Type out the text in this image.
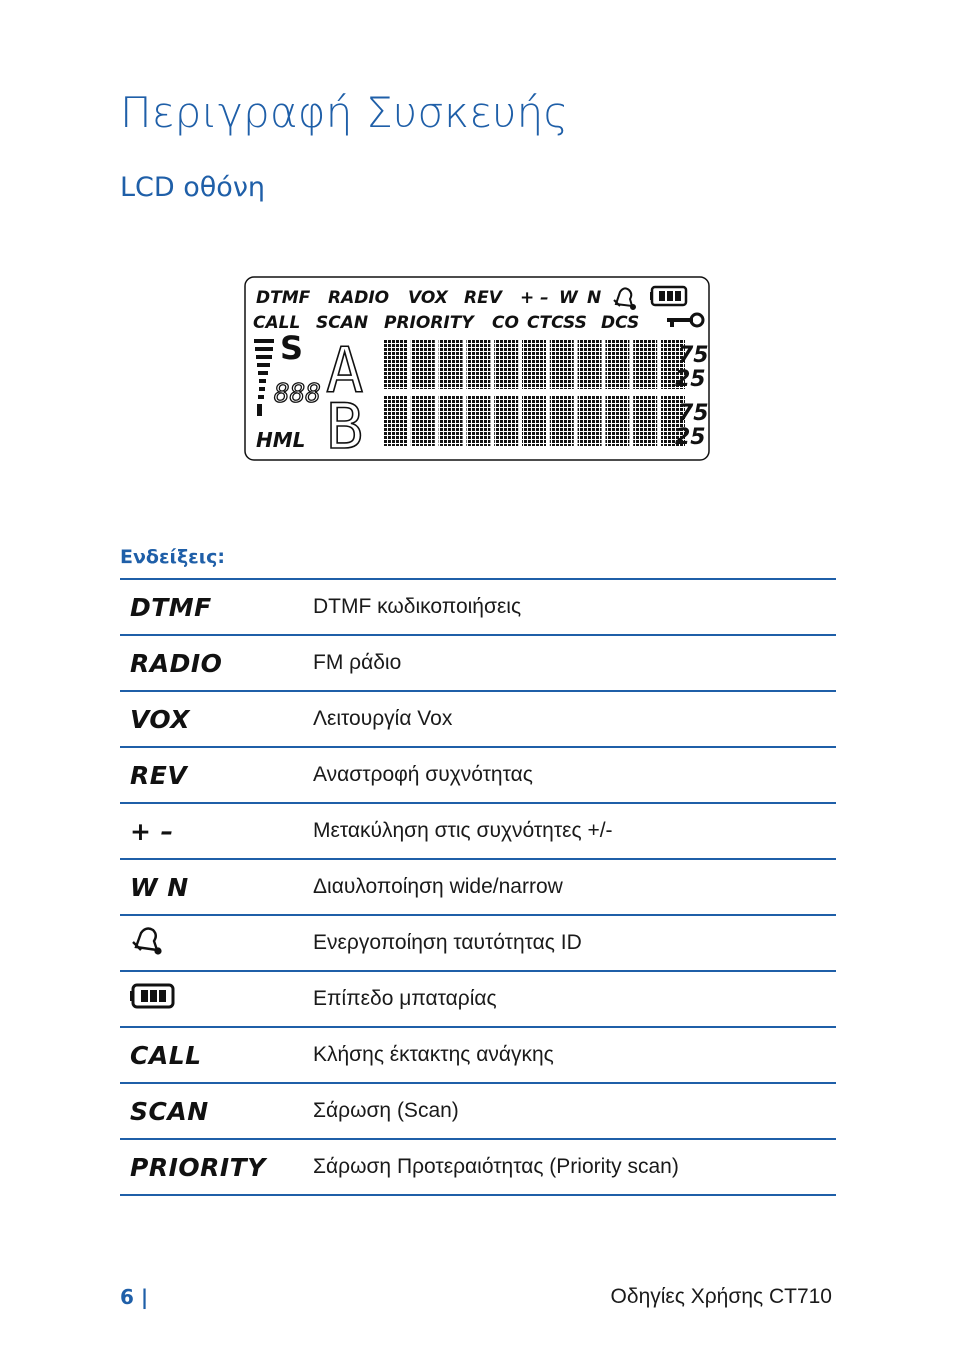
Περιγραφή Συσκευής
LCD οθόνη
DTMF RADIO VOX REV + – W N
CALL SCAN PRIORITY CO CTCSS DCS
S
888 A
B
HML
75
25
75
25
Ενδείξεις:
DTMF	DTMF κωδικοποιήσεις
RADIO	FM ράδιο
VOX	Λειτουργία Vox
REV	Αναστροφή συχνότητας
+ –	Μετακύληση στις συχνότητες +/-
W N	Διαυλοποίηση wide/narrow
	Ενεργοποίηση ταυτότητας ID
	Επίπεδο μπαταρίας
CALL	Κλήσης έκτακτης ανάγκης
SCAN	Σάρωση (Scan)
PRIORITY	Σάρωση Προτεραιότητας (Priority scan)
6 |	Οδηγίες Χρήσης CT710
